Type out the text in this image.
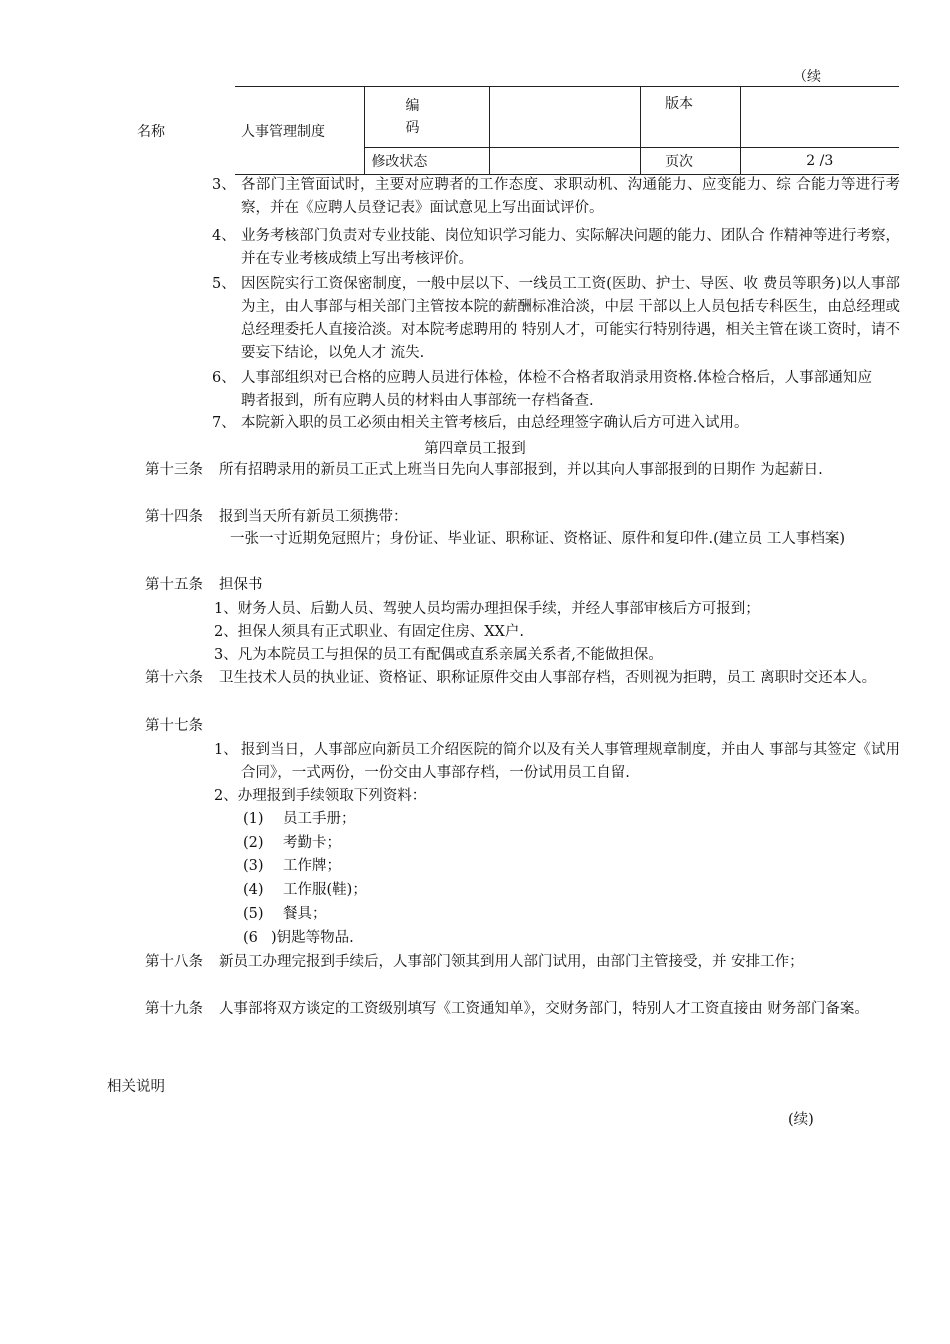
（续
名称	人事管理制度	编码		版本	
	修改状态		页次	2 /3
3、 各部门主管面试时，主要对应聘者的工作态度、求职动机、沟通能力、应变能力、综 合能力等进行考察，并在《应聘人员登记表》面试意见上写出面试评价。
4、 业务考核部门负责对专业技能、岗位知识学习能力、实际解决问题的能力、团队合 作精神等进行考察，并在专业考核成绩上写出考核评价。
5、 因医院实行工资保密制度，一般中层以下、一线员工工资(医助、护士、导医、收 费员等职务)以人事部为主，由人事部与相关部门主管按本院的薪酬标准洽淡，中层 干部以上人员包括专科医生，由总经理或总经理委托人直接洽淡。对本院考虑聘用的 特别人才，可能实行特别待遇，相关主管在谈工资时，请不要妄下结论，以免人才 流失.
6、 人事部组织对已合格的应聘人员进行体检，体检不合格者取消录用资格.体检合格后，人事部通知应聘者报到，所有应聘人员的材料由人事部统一存档备查.
7、 本院新入职的员工必须由相关主管考核后，由总经理签字确认后方可进入试用。
第四章员工报到
第十三条 所有招聘录用的新员工正式上班当日先向人事部报到，并以其向人事部报到的日期作 为起薪日.
第十四条 报到当天所有新员工须携带：
一张一寸近期免冠照片；身份证、毕业证、职称证、资格证、原件和复印件.(建立员 工人事档案)
第十五条 担保书
1、财务人员、后勤人员、驾驶人员均需办理担保手续，并经人事部审核后方可报到；
2、担保人须具有正式职业、有固定住房、XX户.
3、凡为本院员工与担保的员工有配偶或直系亲属关系者,不能做担保。
第十六条 卫生技术人员的执业证、资格证、职称证原件交由人事部存档，否则视为拒聘，员工 离职时交还本人。
第十七条
1、 报到当日，人事部应向新员工介绍医院的简介以及有关人事管理规章制度，并由人 事部与其签定《试用合同》，一式两份，一份交由人事部存档，一份试用员工自留.
2、办理报到手续领取下列资料：
(1) 员工手册；
(2) 考勤卡；
(3) 工作牌；
(4) 工作服(鞋)；
(5) 餐具；
(6 )钥匙等物品.
第十八条 新员工办理完报到手续后，人事部门领其到用人部门试用，由部门主管接受，并 安排工作；
第十九条 人事部将双方谈定的工资级别填写《工资通知单》，交财务部门，特别人才工资直接由 财务部门备案。
相关说明
(续)
